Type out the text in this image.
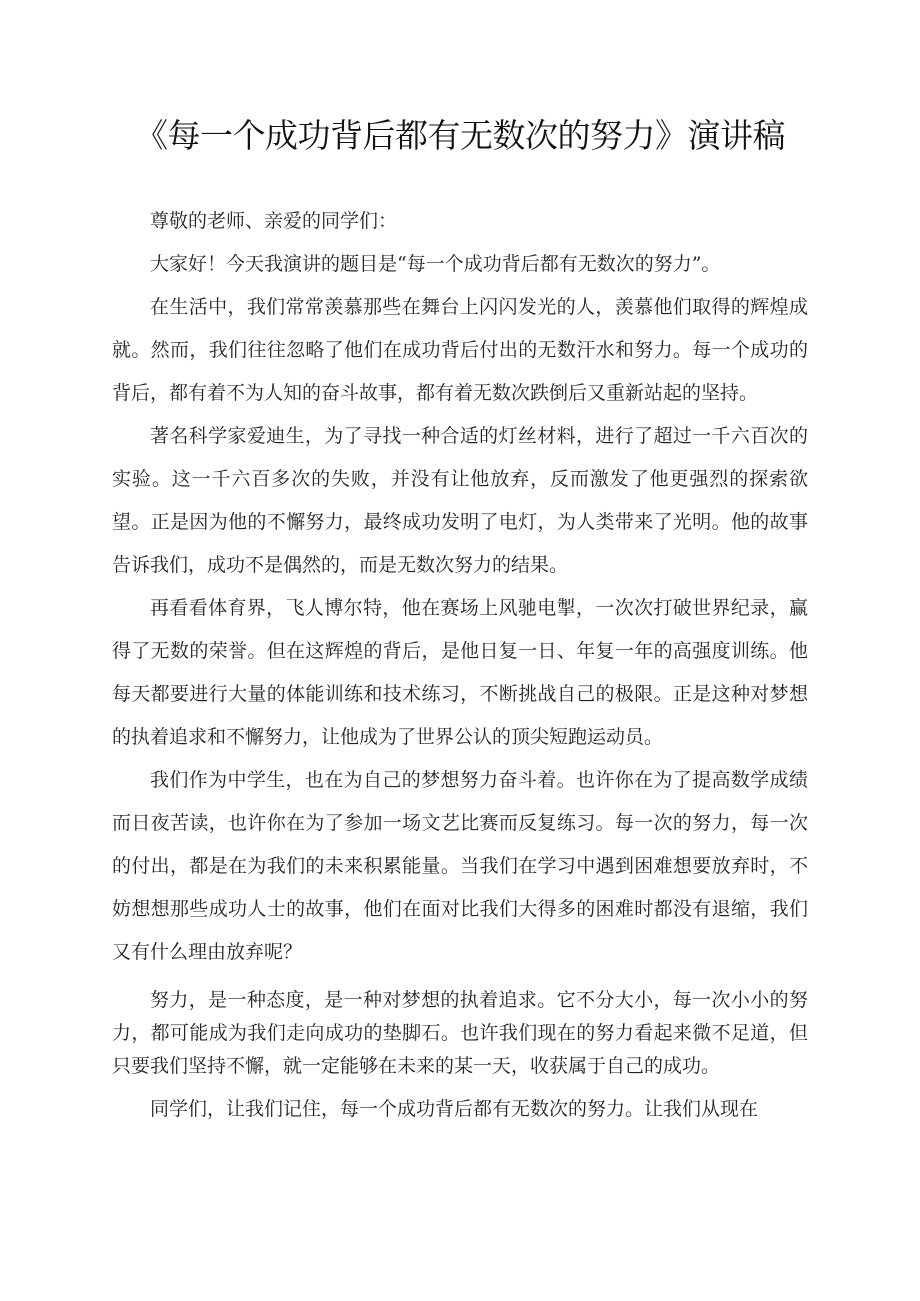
《每一个成功背后都有无数次的努力》演讲稿

尊敬的老师、亲爱的同学们：

大家好！今天我演讲的题目是“每一个成功背后都有无数次的努力”。

在生活中，我们常常羡慕那些在舞台上闪闪发光的人，羡慕他们取得的辉煌成就。然而，我们往往忽略了他们在成功背后付出的无数汗水和努力。每一个成功的背后，都有着不为人知的奋斗故事，都有着无数次跌倒后又重新站起的坚持。

著名科学家爱迪生，为了寻找一种合适的灯丝材料，进行了超过一千六百次的实验。这一千六百多次的失败，并没有让他放弃，反而激发了他更强烈的探索欲望。正是因为他的不懈努力，最终成功发明了电灯，为人类带来了光明。他的故事告诉我们，成功不是偶然的，而是无数次努力的结果。

再看看体育界，飞人博尔特，他在赛场上风驰电掣，一次次打破世界纪录，赢得了无数的荣誉。但在这辉煌的背后，是他日复一日、年复一年的高强度训练。他每天都要进行大量的体能训练和技术练习，不断挑战自己的极限。正是这种对梦想的执着追求和不懈努力，让他成为了世界公认的顶尖短跑运动员。

我们作为中学生，也在为自己的梦想努力奋斗着。也许你在为了提高数学成绩而日夜苦读，也许你在为了参加一场文艺比赛而反复练习。每一次的努力，每一次的付出，都是在为我们的未来积累能量。当我们在学习中遇到困难想要放弃时，不妨想想那些成功人士的故事，他们在面对比我们大得多的困难时都没有退缩，我们又有什么理由放弃呢？

努力，是一种态度，是一种对梦想的执着追求。它不分大小，每一次小小的努力，都可能成为我们走向成功的垫脚石。也许我们现在的努力看起来微不足道，但只要我们坚持不懈，就一定能够在未来的某一天，收获属于自己的成功。

同学们，让我们记住，每一个成功背后都有无数次的努力。让我们从现在
